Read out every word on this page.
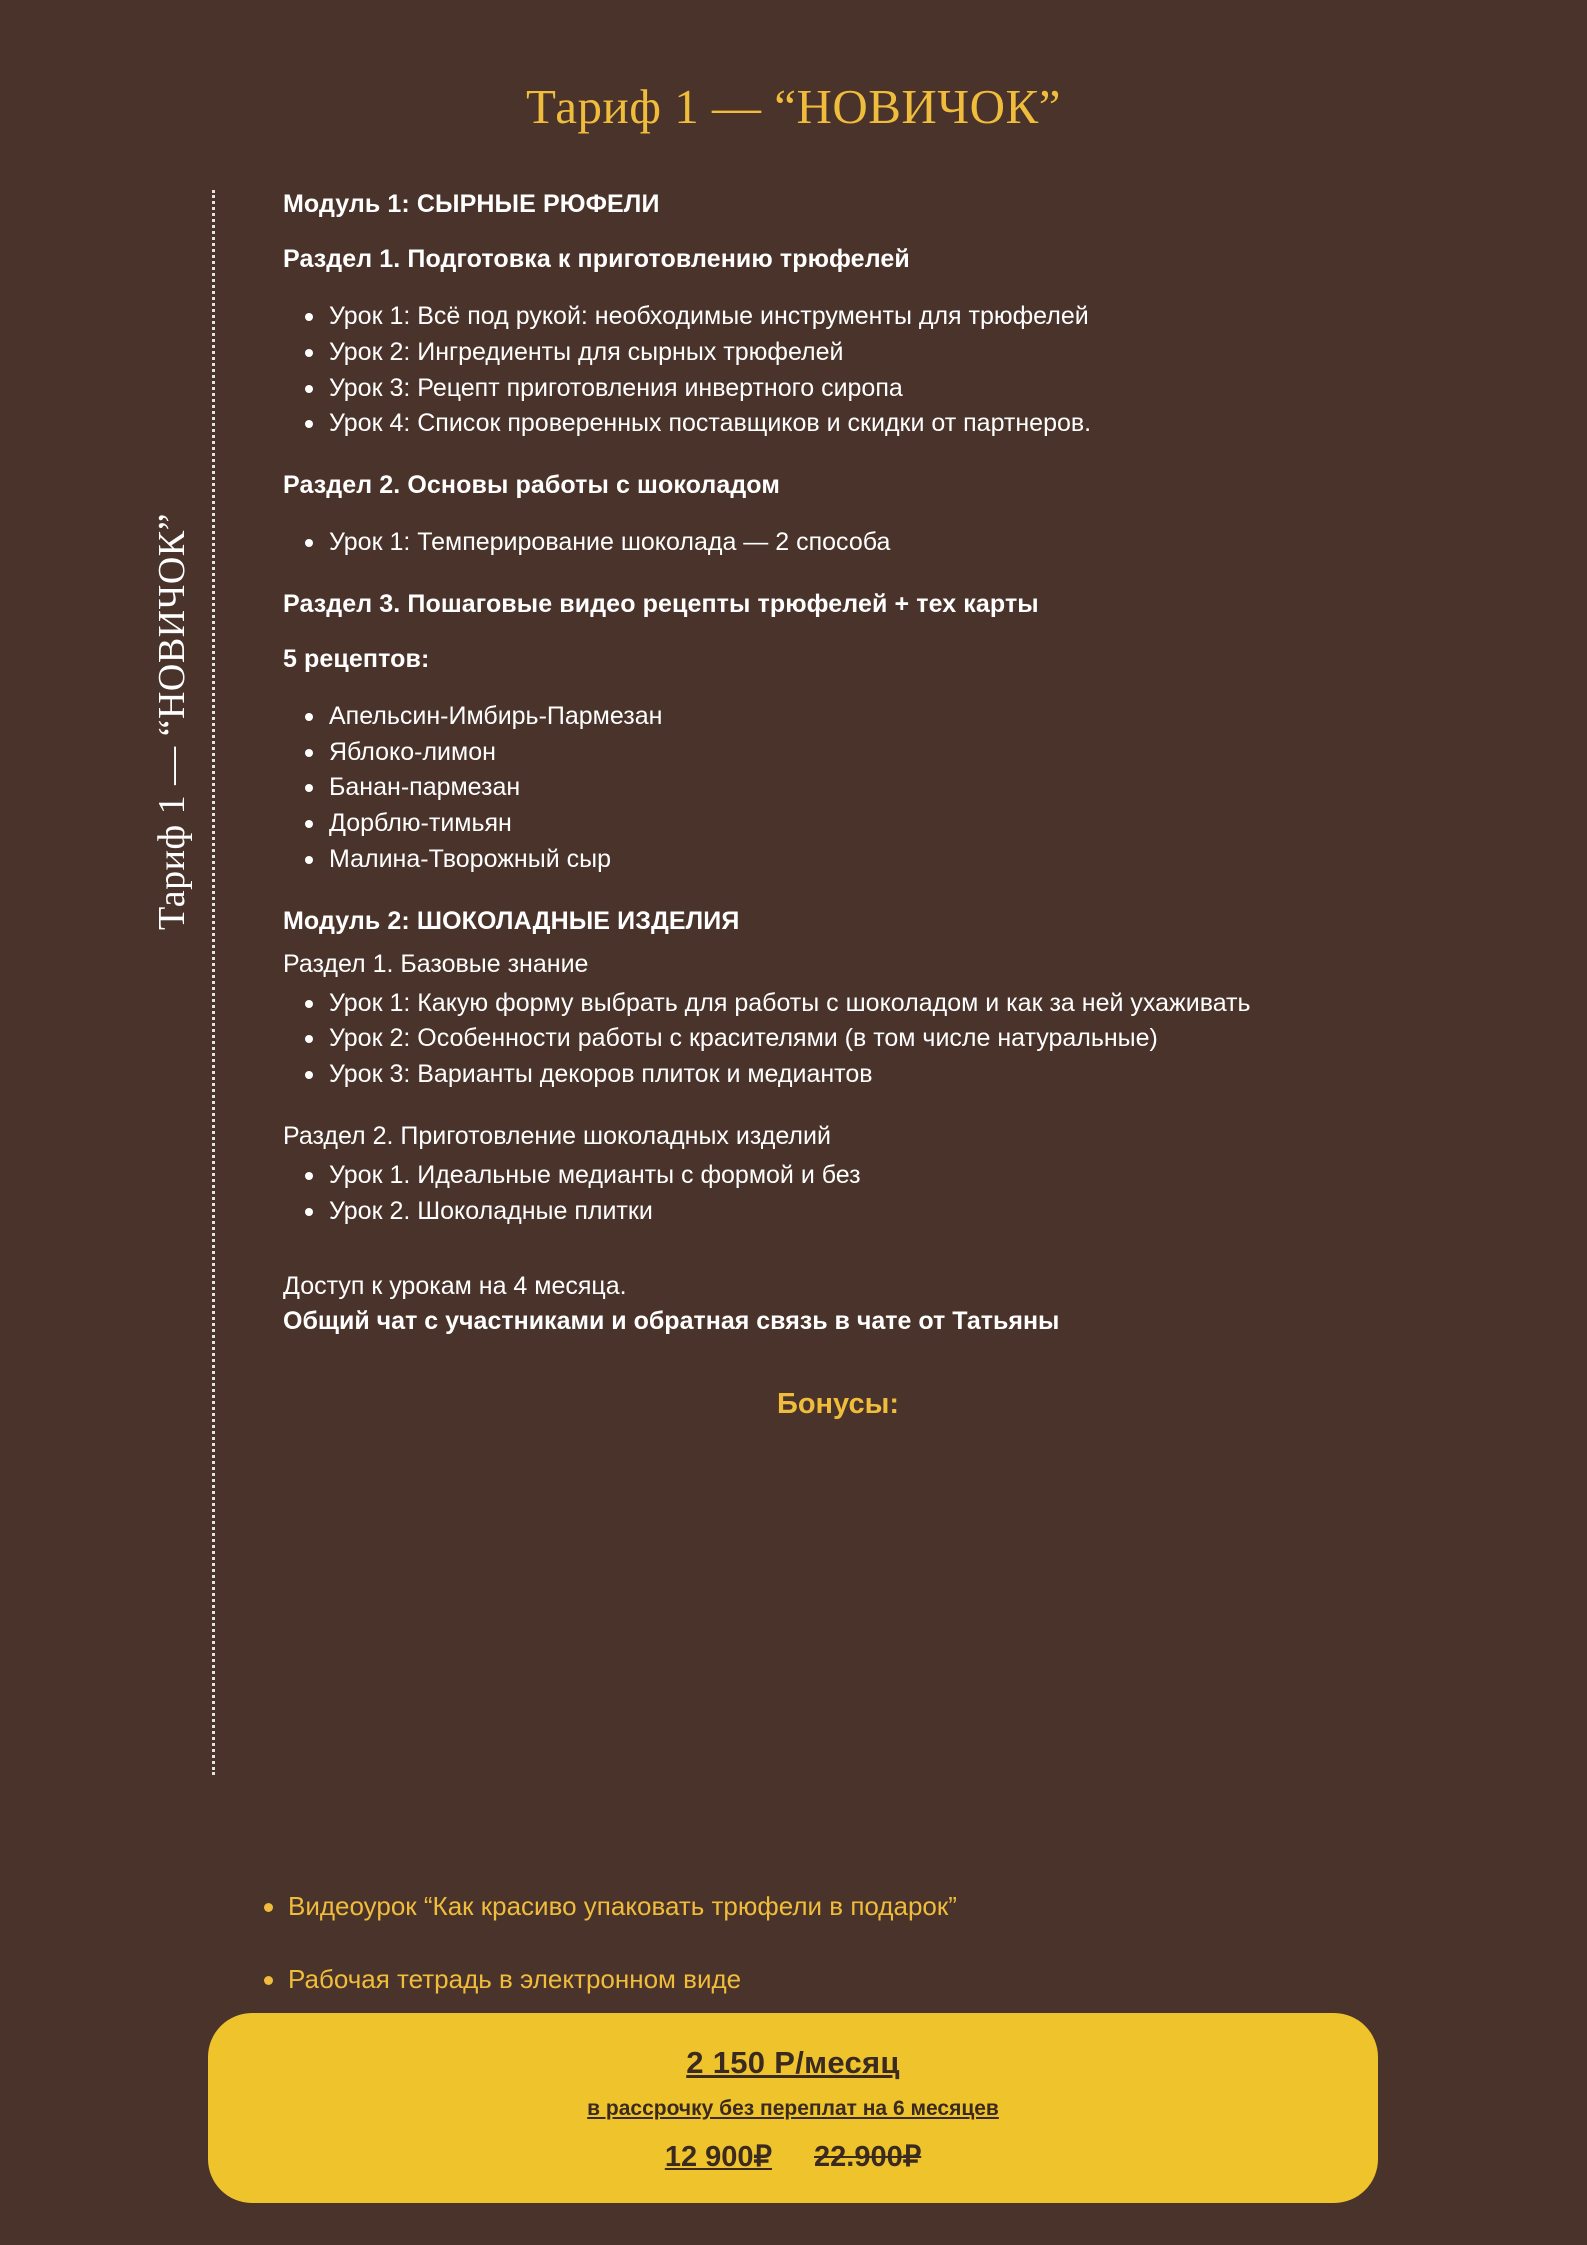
Тариф 1 — “НОВИЧОК”
Тариф 1 — “НОВИЧОК”
Модуль 1: СЫРНЫЕ РЮФЕЛИ
Раздел 1. Подготовка к приготовлению трюфелей
Урок 1: Всё под рукой: необходимые инструменты для трюфелей
Урок 2: Ингредиенты для сырных трюфелей
Урок 3: Рецепт приготовления инвертного сиропа
Урок 4: Список проверенных поставщиков и скидки от партнеров.
Раздел 2. Основы работы с шоколадом
Урок 1: Темперирование шоколада — 2 способа
Раздел 3. Пошаговые видео рецепты трюфелей + тех карты
5 рецептов:
Апельсин-Имбирь-Пармезан
Яблоко-лимон
Банан-пармезан
Дорблю-тимьян
Малина-Творожный сыр
Модуль 2: ШОКОЛАДНЫЕ ИЗДЕЛИЯ
Раздел 1. Базовые знание
Урок 1: Какую форму выбрать для работы с шоколадом и как за ней ухаживать
Урок 2: Особенности работы с красителями (в том числе натуральные)
Урок 3: Варианты декоров плиток и медиантов
Раздел 2. Приготовление шоколадных изделий
Урок 1. Идеальные медианты с формой и без
Урок 2. Шоколадные плитки
Доступ к урокам на 4 месяца.
Общий чат с участниками и обратная связь в чате от Татьяны
Бонусы:
Видеоурок “Как красиво упаковать трюфели в подарок”
Рабочая тетрадь в электронном виде
2 150 Р/месяц
в рассрочку без переплат на 6 месяцев
12 900₽ 22.900₽
